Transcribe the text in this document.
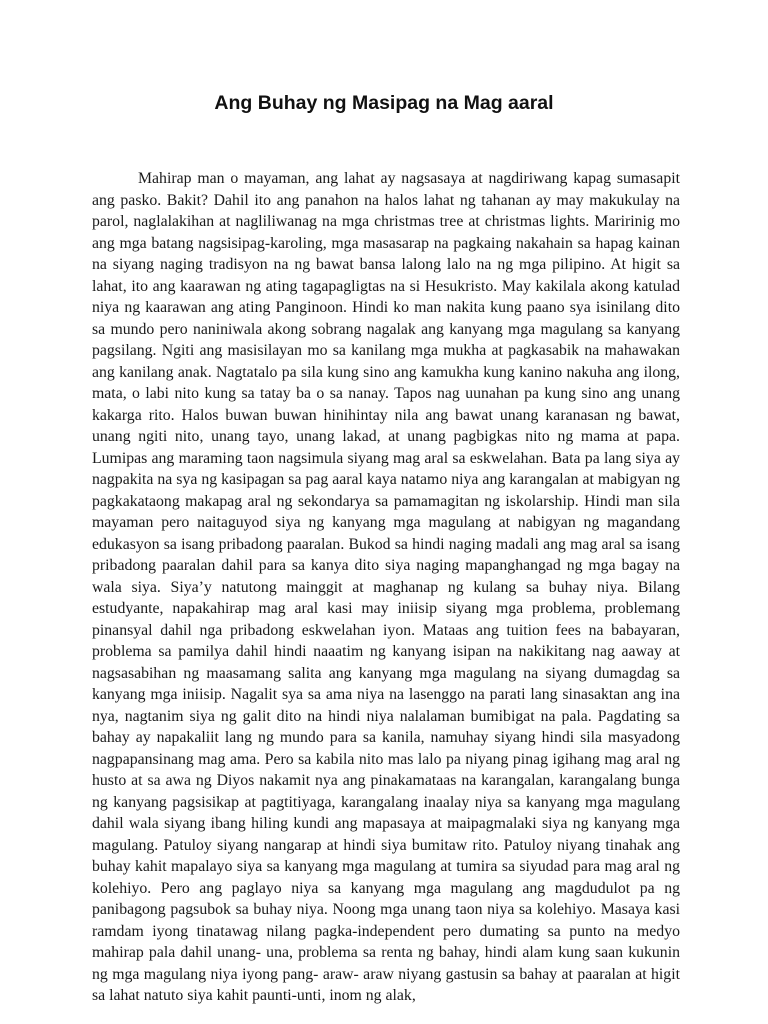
Ang Buhay ng Masipag na Mag aaral

Mahirap man o mayaman, ang lahat ay nagsasaya at nagdiriwang kapag sumasapit ang pasko. Bakit? Dahil ito ang panahon na halos lahat ng tahanan ay may makukulay na parol, naglalakihan at nagliliwanag na mga christmas tree at christmas lights. Maririnig mo ang mga batang nagsisipag-karoling, mga masasarap na pagkaing nakahain sa hapag kainan na siyang naging tradisyon na ng bawat bansa lalong lalo na ng mga pilipino. At higit sa lahat, ito ang kaarawan ng ating tagapagligtas na si Hesukristo. May kakilala akong katulad niya ng kaarawan ang ating Panginoon. Hindi ko man nakita kung paano sya isinilang dito sa mundo pero naniniwala akong sobrang nagalak ang kanyang mga magulang sa kanyang pagsilang. Ngiti ang masisilayan mo sa kanilang mga mukha at pagkasabik na mahawakan ang kanilang anak. Nagtatalo pa sila kung sino ang kamukha kung kanino nakuha ang ilong, mata, o labi nito kung sa tatay ba o sa nanay. Tapos nag uunahan pa kung sino ang unang kakarga rito. Halos buwan buwan hinihintay nila ang bawat unang karanasan ng bawat, unang ngiti nito, unang tayo, unang lakad, at unang pagbigkas nito ng mama at papa. Lumipas ang maraming taon nagsimula siyang mag aral sa eskwelahan. Bata pa lang siya ay nagpakita na sya ng kasipagan sa pag aaral kaya natamo niya ang karangalan at mabigyan ng pagkakataong makapag aral ng sekondarya sa pamamagitan ng iskolarship. Hindi man sila mayaman pero naitaguyod siya ng kanyang mga magulang at nabigyan ng magandang edukasyon sa isang pribadong paaralan. Bukod sa hindi naging madali ang mag aral sa isang pribadong paaralan dahil para sa kanya dito siya naging mapanghangad ng mga bagay na wala siya. Siya’y natutong mainggit at maghanap ng kulang sa buhay niya. Bilang estudyante, napakahirap mag aral kasi may iniisip siyang mga problema, problemang pinansyal dahil nga pribadong eskwelahan iyon. Mataas ang tuition fees na babayaran, problema sa pamilya dahil hindi naaatim ng kanyang isipan na nakikitang nag aaway at nagsasabihan ng maasamang salita ang kanyang mga magulang na siyang dumagdag sa kanyang mga iniisip. Nagalit sya sa ama niya na lasenggo na parati lang sinasaktan ang ina nya, nagtanim siya ng galit dito na hindi niya nalalaman bumibigat na pala. Pagdating sa bahay ay napakaliit lang ng mundo para sa kanila, namuhay siyang hindi sila masyadong nagpapansinang mag ama. Pero sa kabila nito mas lalo pa niyang pinag igihang mag aral ng husto at sa awa ng Diyos nakamit nya ang pinakamataas na karangalan, karangalang bunga ng kanyang pagsisikap at pagtitiyaga, karangalang inaalay niya sa kanyang mga magulang dahil wala siyang ibang hiling kundi ang mapasaya at maipagmalaki siya ng kanyang mga magulang. Patuloy siyang nangarap at hindi siya bumitaw rito. Patuloy niyang tinahak ang buhay kahit mapalayo siya sa kanyang mga magulang at tumira sa siyudad para mag aral ng kolehiyo. Pero ang paglayo niya sa kanyang mga magulang ang magdudulot pa ng panibagong pagsubok sa buhay niya. Noong mga unang taon niya sa kolehiyo. Masaya kasi ramdam iyong tinatawag nilang pagka-independent pero dumating sa punto na medyo mahirap pala dahil unang- una, problema sa renta ng bahay, hindi alam kung saan kukunin ng mga magulang niya iyong pang- araw- araw niyang gastusin sa bahay at paaralan at higit sa lahat natuto siya kahit paunti-unti, inom ng alak,
